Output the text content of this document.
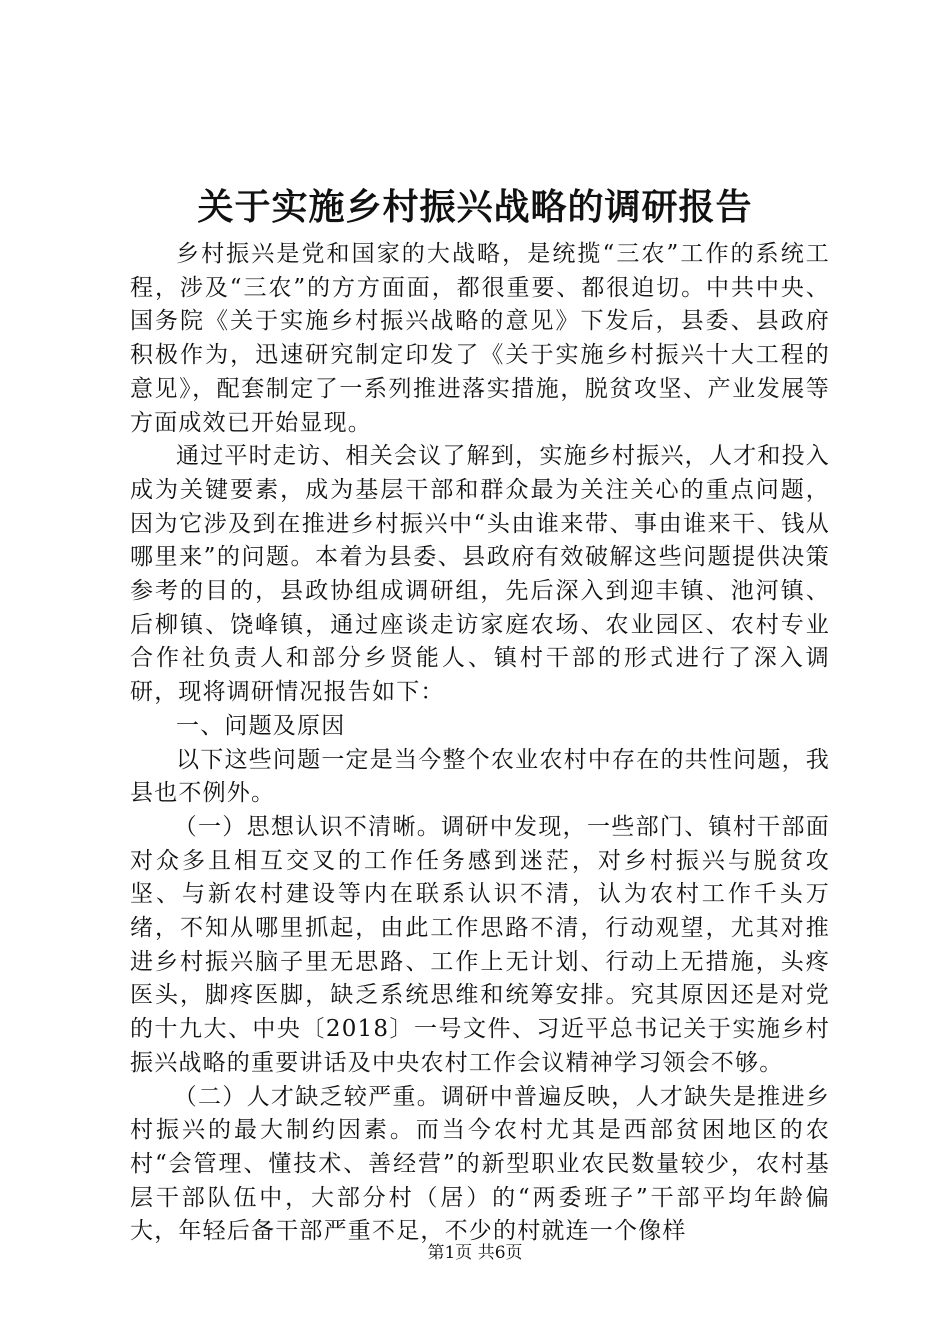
关于实施乡村振兴战略的调研报告

乡村振兴是党和国家的大战略，是统揽“三农”工作的系统工程，涉及“三农”的方方面面，都很重要、都很迫切。中共中央、国务院《关于实施乡村振兴战略的意见》下发后，县委、县政府积极作为，迅速研究制定印发了《关于实施乡村振兴十大工程的意见》，配套制定了一系列推进落实措施，脱贫攻坚、产业发展等方面成效已开始显现。

通过平时走访、相关会议了解到，实施乡村振兴，人才和投入成为关键要素，成为基层干部和群众最为关注关心的重点问题，因为它涉及到在推进乡村振兴中“头由谁来带、事由谁来干、钱从哪里来”的问题。本着为县委、县政府有效破解这些问题提供决策参考的目的，县政协组成调研组，先后深入到迎丰镇、池河镇、后柳镇、饶峰镇，通过座谈走访家庭农场、农业园区、农村专业合作社负责人和部分乡贤能人、镇村干部的形式进行了深入调研，现将调研情况报告如下：

一、问题及原因

以下这些问题一定是当今整个农业农村中存在的共性问题，我县也不例外。

（一）思想认识不清晰。调研中发现，一些部门、镇村干部面对众多且相互交叉的工作任务感到迷茫，对乡村振兴与脱贫攻坚、与新农村建设等内在联系认识不清，认为农村工作千头万绪，不知从哪里抓起，由此工作思路不清，行动观望，尤其对推进乡村振兴脑子里无思路、工作上无计划、行动上无措施，头疼医头，脚疼医脚，缺乏系统思维和统筹安排。究其原因还是对党的十九大、中央〔2018〕一号文件、习近平总书记关于实施乡村振兴战略的重要讲话及中央农村工作会议精神学习领会不够。

（二）人才缺乏较严重。调研中普遍反映，人才缺失是推进乡村振兴的最大制约因素。而当今农村尤其是西部贫困地区的农村“会管理、懂技术、善经营”的新型职业农民数量较少，农村基层干部队伍中，大部分村（居）的“两委班子”干部平均年龄偏大，年轻后备干部严重不足，不少的村就连一个像样

第1页 共6页
